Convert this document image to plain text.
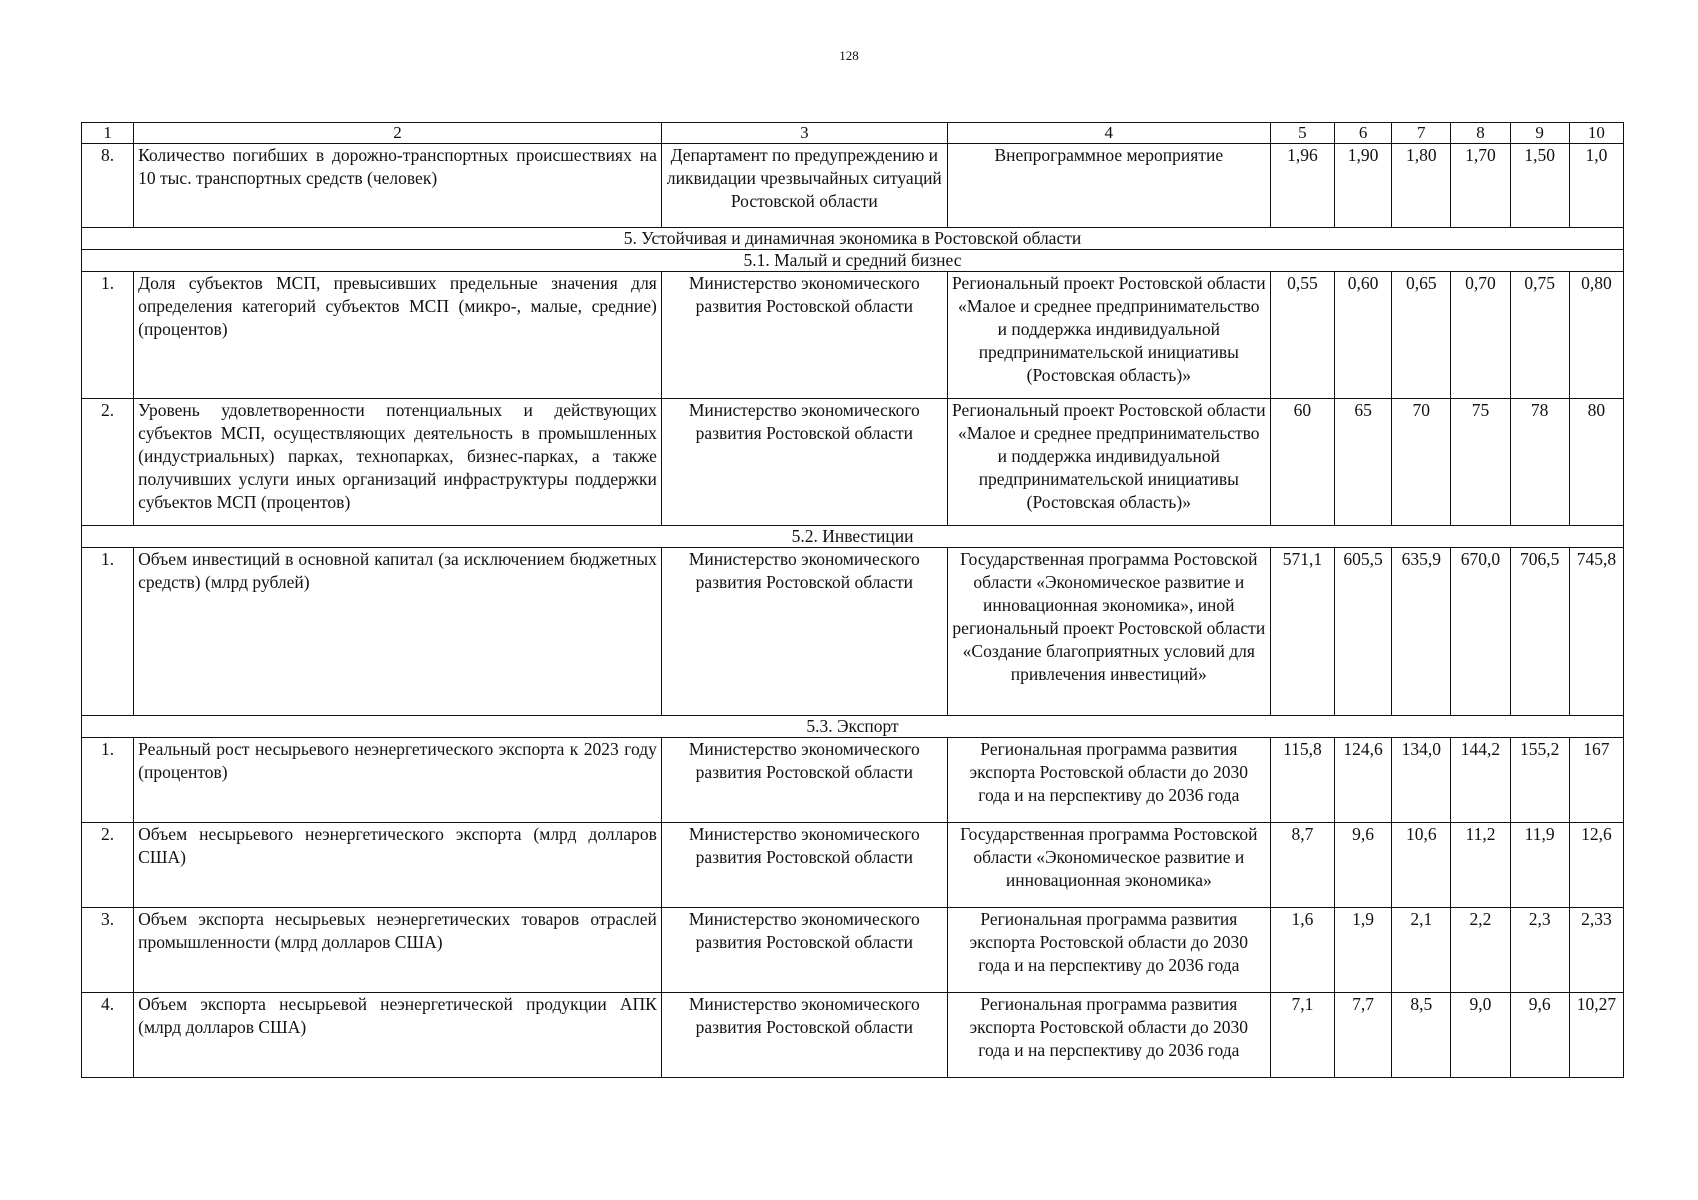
128
1	2	3	4	5	6	7	8	9	10
8.	Количество погибших в дорожно-транспортных происшествиях на 10 тыс. транспортных средств (человек)	Департамент по предупреждению и ликвидации чрезвычайных ситуаций Ростовской области	Внепрограммное мероприятие	1,96	1,90	1,80	1,70	1,50	1,0
5. Устойчивая и динамичная экономика в Ростовской области									
5.1. Малый и средний бизнес									
1.	Доля субъектов МСП, превысивших предельные значения для определения категорий субъектов МСП (микро-, малые, средние) (процентов)	Министерство экономического развития Ростовской области	Региональный проект Ростовской области «Малое и среднее предпринимательство и поддержка индивидуальной предпринимательской инициативы (Ростовская область)»	0,55	0,60	0,65	0,70	0,75	0,80
2.	Уровень удовлетворенности потенциальных и действующих субъектов МСП, осуществляющих деятельность в промышленных (индустриальных) парках, технопарках, бизнес-парках, а также получивших услуги иных организаций инфраструктуры поддержки субъектов МСП (процентов)	Министерство экономического развития Ростовской области	Региональный проект Ростовской области «Малое и среднее предпринимательство и поддержка индивидуальной предпринимательской инициативы (Ростовская область)»	60	65	70	75	78	80
5.2. Инвестиции									
1.	Объем инвестиций в основной капитал (за исключением бюджетных средств) (млрд рублей)	Министерство экономического развития Ростовской области	Государственная программа Ростовской области «Экономическое развитие и инновационная экономика», иной региональный проект Ростовской области «Создание благоприятных условий для привлечения инвестиций»	571,1	605,5	635,9	670,0	706,5	745,8
5.3. Экспорт									
1.	Реальный рост несырьевого неэнергетического экспорта к 2023 году (процентов)	Министерство экономического развития Ростовской области	Региональная программа развития экспорта Ростовской области до 2030 года и на перспективу до 2036 года	115,8	124,6	134,0	144,2	155,2	167
2.	Объем несырьевого неэнергетического экспорта (млрд долларов США)	Министерство экономического развития Ростовской области	Государственная программа Ростовской области «Экономическое развитие и инновационная экономика»	8,7	9,6	10,6	11,2	11,9	12,6
3.	Объем экспорта несырьевых неэнергетических товаров отраслей промышленности (млрд долларов США)	Министерство экономического развития Ростовской области	Региональная программа развития экспорта Ростовской области до 2030 года и на перспективу до 2036 года	1,6	1,9	2,1	2,2	2,3	2,33
4.	Объем экспорта несырьевой неэнергетической продукции АПК (млрд долларов США)	Министерство экономического развития Ростовской области	Региональная программа развития экспорта Ростовской области до 2030 года и на перспективу до 2036 года	7,1	7,7	8,5	9,0	9,6	10,27
